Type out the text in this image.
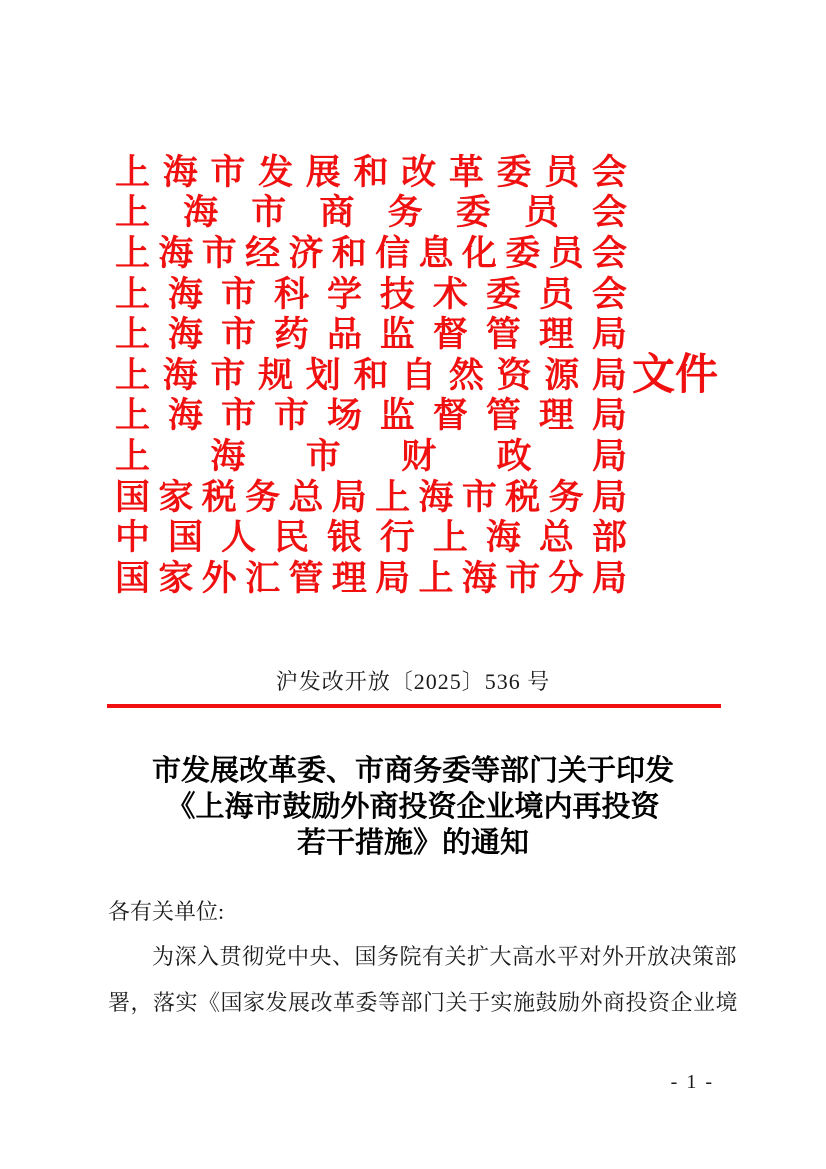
上 海 市 发 展 和 改 革 委 员 会
上 海 市 商 务 委 员 会
上 海 市 经 济 和 信 息 化 委 员 会
上 海 市 科 学 技 术 委 员 会
上 海 市 药 品 监 督 管 理 局
上 海 市 规 划 和 自 然 资 源 局
上 海 市 市 场 监 督 管 理 局
上 海 市 财 政 局
国 家 税 务 总 局 上 海 市 税 务 局
中 国 人 民 银 行 上 海 总 部
国 家 外 汇 管 理 局 上 海 市 分 局
文件
沪发改开放〔2025〕536 号
市发展改革委、市商务委等部门关于印发
《上海市鼓励外商投资企业境内再投资
若干措施》的通知
各有关单位:
为深入贯彻党中央、国务院有关扩大高水平对外开放决策部
署，落实《国家发展改革委等部门关于实施鼓励外商投资企业境
- 1 -
